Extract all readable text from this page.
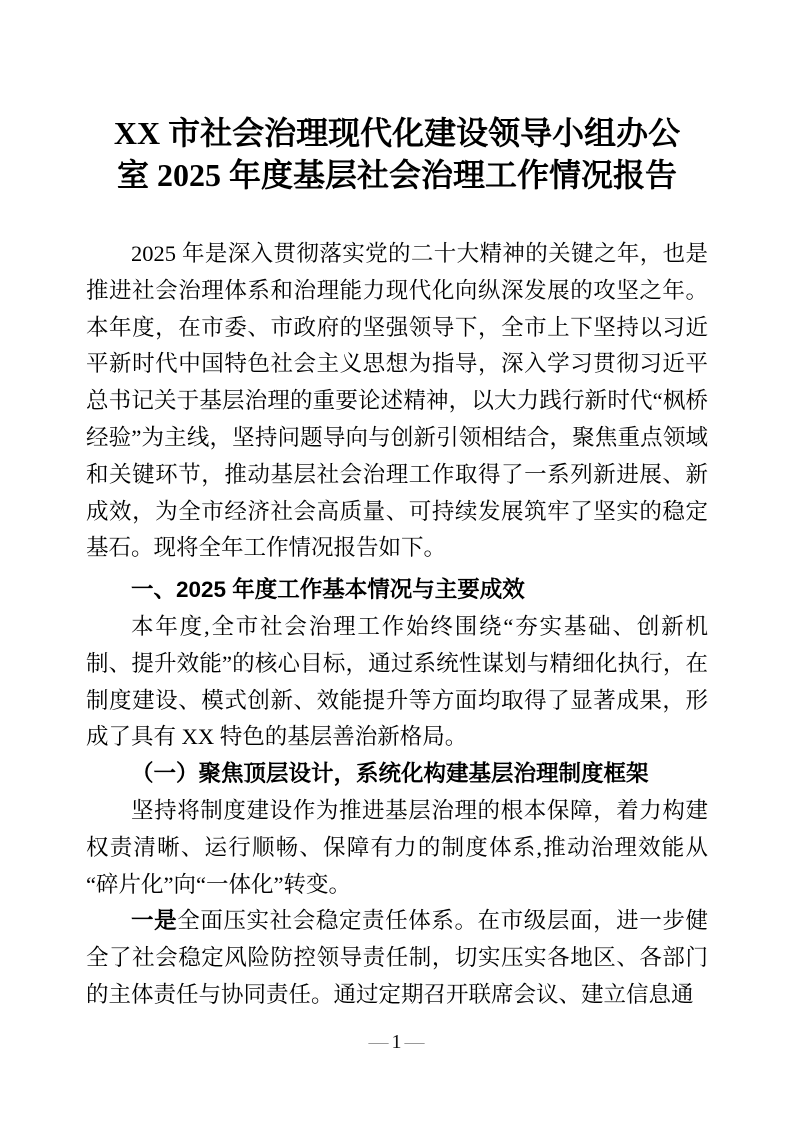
XX 市社会治理现代化建设领导小组办公
室 2025 年度基层社会治理工作情况报告

2025 年是深入贯彻落实党的二十大精神的关键之年，也是推进社会治理体系和治理能力现代化向纵深发展的攻坚之年。本年度，在市委、市政府的坚强领导下，全市上下坚持以习近平新时代中国特色社会主义思想为指导，深入学习贯彻习近平总书记关于基层治理的重要论述精神，以大力践行新时代“枫桥经验”为主线，坚持问题导向与创新引领相结合，聚焦重点领域和关键环节，推动基层社会治理工作取得了一系列新进展、新成效，为全市经济社会高质量、可持续发展筑牢了坚实的稳定基石。现将全年工作情况报告如下。

一、2025 年度工作基本情况与主要成效

本年度,全市社会治理工作始终围绕“夯实基础、创新机制、提升效能”的核心目标，通过系统性谋划与精细化执行，在制度建设、模式创新、效能提升等方面均取得了显著成果，形成了具有 XX 特色的基层善治新格局。

（一）聚焦顶层设计，系统化构建基层治理制度框架

坚持将制度建设作为推进基层治理的根本保障，着力构建权责清晰、运行顺畅、保障有力的制度体系,推动治理效能从“碎片化”向“一体化”转变。

一是全面压实社会稳定责任体系。在市级层面，进一步健全了社会稳定风险防控领导责任制，切实压实各地区、各部门的主体责任与协同责任。通过定期召开联席会议、建立信息通

— 1 —
